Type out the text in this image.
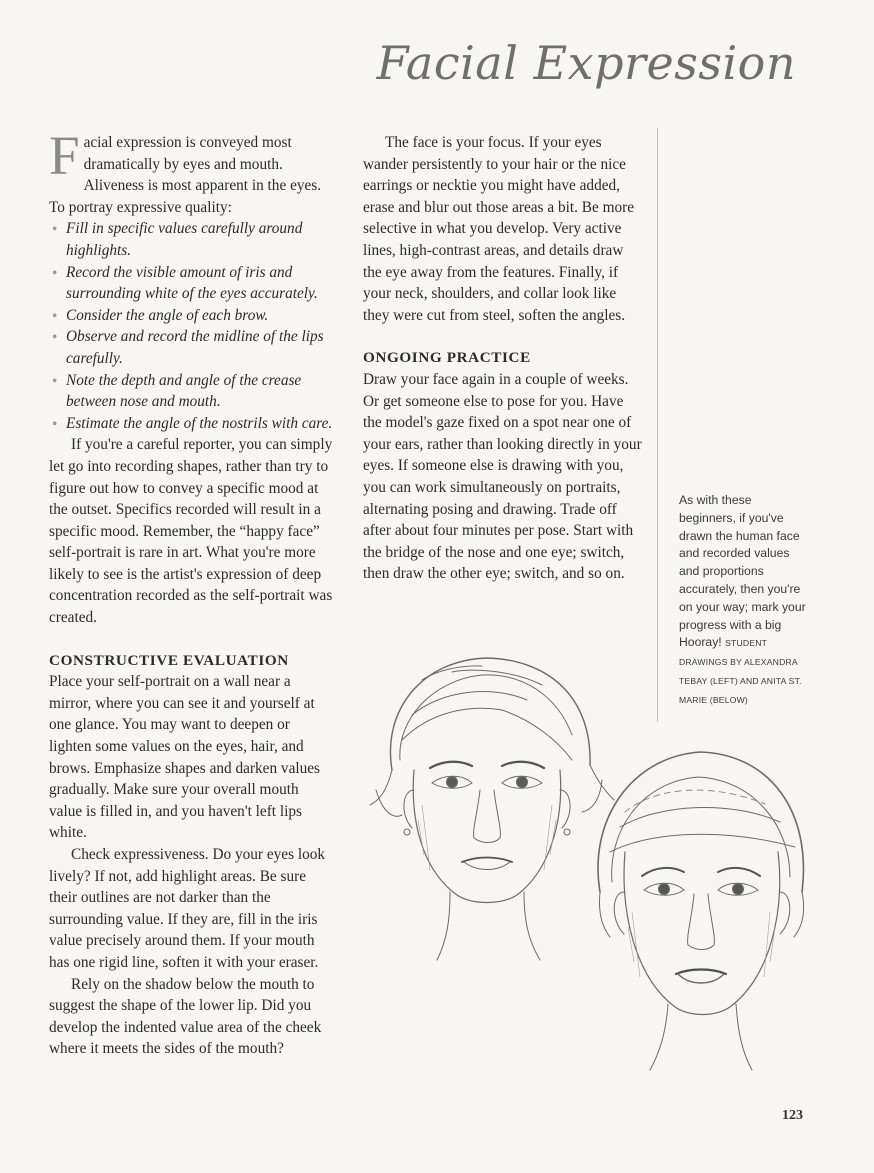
Facial Expression

Facial expression is conveyed most dramatically by eyes and mouth. Aliveness is most apparent in the eyes. To portray expressive quality:

• Fill in specific values carefully around highlights.
• Record the visible amount of iris and surrounding white of the eyes accurately.
• Consider the angle of each brow.
• Observe and record the midline of the lips carefully.
• Note the depth and angle of the crease between nose and mouth.
• Estimate the angle of the nostrils with care.

If you're a careful reporter, you can simply let go into recording shapes, rather than try to figure out how to convey a specific mood at the outset. Specifics recorded will result in a specific mood. Remember, the “happy face” self-portrait is rare in art. What you're more likely to see is the artist's expression of deep concentration recorded as the self-portrait was created.

CONSTRUCTIVE EVALUATION

Place your self-portrait on a wall near a mirror, where you can see it and yourself at one glance. You may want to deepen or lighten some values on the eyes, hair, and brows. Emphasize shapes and darken values gradually. Make sure your overall mouth value is filled in, and you haven't left lips white.

Check expressiveness. Do your eyes look lively? If not, add highlight areas. Be sure their outlines are not darker than the surrounding value. If they are, fill in the iris value precisely around them. If your mouth has one rigid line, soften it with your eraser.

Rely on the shadow below the mouth to suggest the shape of the lower lip. Did you develop the indented value area of the cheek where it meets the sides of the mouth?

The face is your focus. If your eyes wander persistently to your hair or the nice earrings or necktie you might have added, erase and blur out those areas a bit. Be more selective in what you develop. Very active lines, high-contrast areas, and details draw the eye away from the features. Finally, if your neck, shoulders, and collar look like they were cut from steel, soften the angles.

ONGOING PRACTICE

Draw your face again in a couple of weeks. Or get someone else to pose for you. Have the model's gaze fixed on a spot near one of your ears, rather than looking directly in your eyes. If someone else is drawing with you, you can work simultaneously on portraits, alternating posing and drawing. Trade off after about four minutes per pose. Start with the bridge of the nose and one eye; switch, then draw the other eye; switch, and so on.

As with these beginners, if you've drawn the human face and recorded values and proportions accurately, then you're on your way; mark your progress with a big Hooray! STUDENT DRAWINGS BY ALEXANDRA TEBAY (LEFT) AND ANITA ST. MARIE (BELOW)
123
